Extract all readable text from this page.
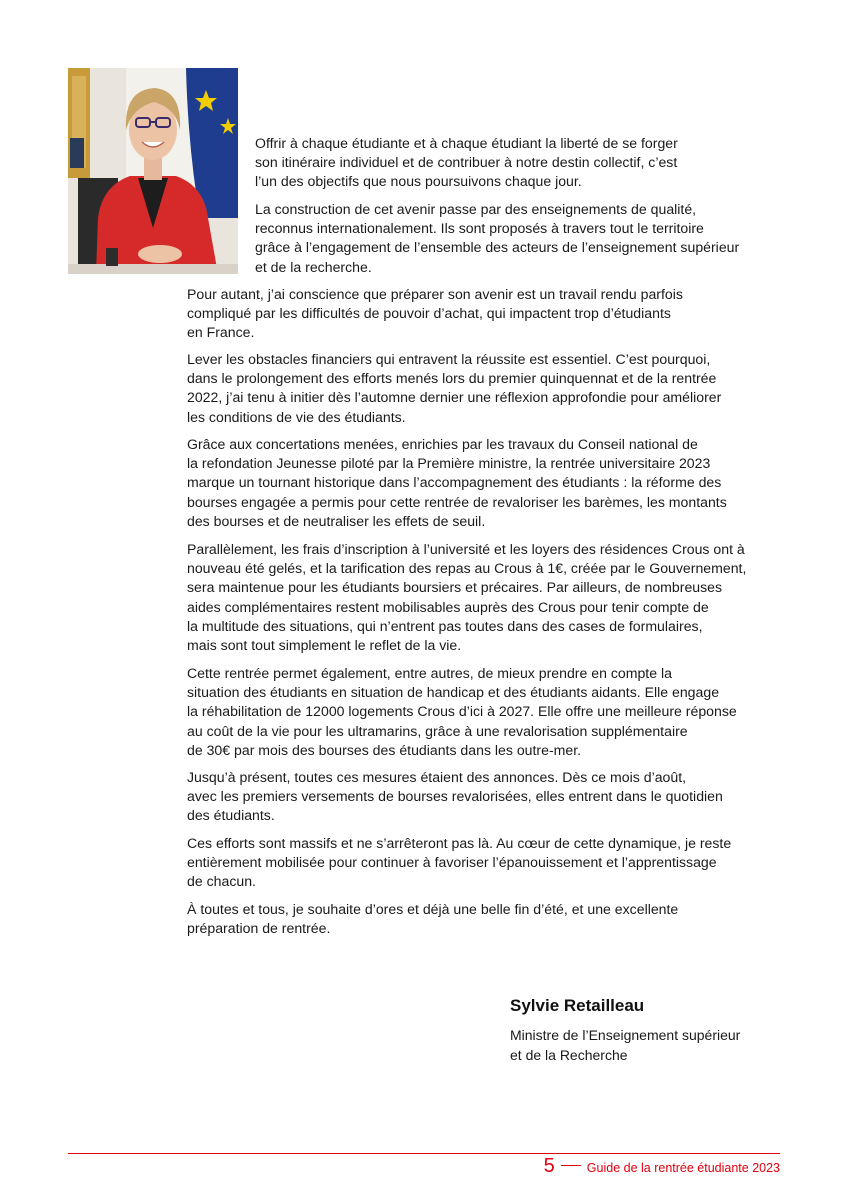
Offrir à chaque étudiante et à chaque étudiant la liberté de se forger
son itinéraire individuel et de contribuer à notre destin collectif, c’est
l’un des objectifs que nous poursuivons chaque jour.

La construction de cet avenir passe par des enseignements de qualité,
reconnus internationalement. Ils sont proposés à travers tout le territoire
grâce à l’engagement de l’ensemble des acteurs de l’enseignement supérieur
et de la recherche.

Pour autant, j’ai conscience que préparer son avenir est un travail rendu parfois
compliqué par les difficultés de pouvoir d’achat, qui impactent trop d’étudiants
en France.

Lever les obstacles financiers qui entravent la réussite est essentiel. C’est pourquoi,
dans le prolongement des efforts menés lors du premier quinquennat et de la rentrée
2022, j’ai tenu à initier dès l’automne dernier une réflexion approfondie pour améliorer
les conditions de vie des étudiants.

Grâce aux concertations menées, enrichies par les travaux du Conseil national de
la refondation Jeunesse piloté par la Première ministre, la rentrée universitaire 2023
marque un tournant historique dans l’accompagnement des étudiants : la réforme des
bourses engagée a permis pour cette rentrée de revaloriser les barèmes, les montants
des bourses et de neutraliser les effets de seuil.

Parallèlement, les frais d’inscription à l’université et les loyers des résidences Crous ont à
nouveau été gelés, et la tarification des repas au Crous à 1€, créée par le Gouvernement,
sera maintenue pour les étudiants boursiers et précaires. Par ailleurs, de nombreuses
aides complémentaires restent mobilisables auprès des Crous pour tenir compte de
la multitude des situations, qui n’entrent pas toutes dans des cases de formulaires,
mais sont tout simplement le reflet de la vie.

Cette rentrée permet également, entre autres, de mieux prendre en compte la
situation des étudiants en situation de handicap et des étudiants aidants. Elle engage
la réhabilitation de 12000 logements Crous d’ici à 2027. Elle offre une meilleure réponse
au coût de la vie pour les ultramarins, grâce à une revalorisation supplémentaire
de 30€ par mois des bourses des étudiants dans les outre-mer.

Jusqu’à présent, toutes ces mesures étaient des annonces. Dès ce mois d’août,
avec les premiers versements de bourses revalorisées, elles entrent dans le quotidien
des étudiants.

Ces efforts sont massifs et ne s’arrêteront pas là. Au cœur de cette dynamique, je reste
entièrement mobilisée pour continuer à favoriser l’épanouissement et l’apprentissage
de chacun.

À toutes et tous, je souhaite d’ores et déjà une belle fin d’été, et une excellente
préparation de rentrée.

Sylvie Retailleau
Ministre de l’Enseignement supérieur
et de la Recherche
5	Guide de la rentrée étudiante 2023
